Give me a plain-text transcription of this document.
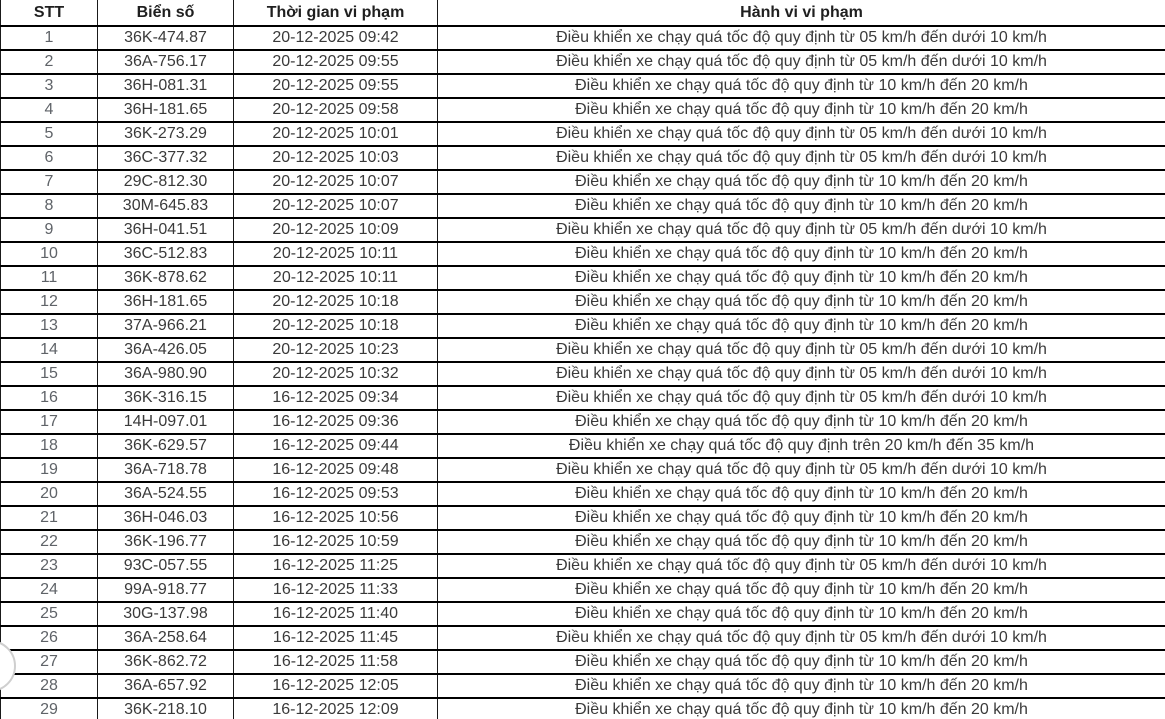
STT	Biển số	Thời gian vi phạm	Hành vi vi phạm
1	36K-474.87	20-12-2025 09:42	Điều khiển xe chạy quá tốc độ quy định từ 05 km/h đến dưới 10 km/h
2	36A-756.17	20-12-2025 09:55	Điều khiển xe chạy quá tốc độ quy định từ 05 km/h đến dưới 10 km/h
3	36H-081.31	20-12-2025 09:55	Điều khiển xe chạy quá tốc độ quy định từ 10 km/h đến 20 km/h
4	36H-181.65	20-12-2025 09:58	Điều khiển xe chạy quá tốc độ quy định từ 10 km/h đến 20 km/h
5	36K-273.29	20-12-2025 10:01	Điều khiển xe chạy quá tốc độ quy định từ 05 km/h đến dưới 10 km/h
6	36C-377.32	20-12-2025 10:03	Điều khiển xe chạy quá tốc độ quy định từ 05 km/h đến dưới 10 km/h
7	29C-812.30	20-12-2025 10:07	Điều khiển xe chạy quá tốc độ quy định từ 10 km/h đến 20 km/h
8	30M-645.83	20-12-2025 10:07	Điều khiển xe chạy quá tốc độ quy định từ 10 km/h đến 20 km/h
9	36H-041.51	20-12-2025 10:09	Điều khiển xe chạy quá tốc độ quy định từ 05 km/h đến dưới 10 km/h
10	36C-512.83	20-12-2025 10:11	Điều khiển xe chạy quá tốc độ quy định từ 10 km/h đến 20 km/h
11	36K-878.62	20-12-2025 10:11	Điều khiển xe chạy quá tốc độ quy định từ 10 km/h đến 20 km/h
12	36H-181.65	20-12-2025 10:18	Điều khiển xe chạy quá tốc độ quy định từ 10 km/h đến 20 km/h
13	37A-966.21	20-12-2025 10:18	Điều khiển xe chạy quá tốc độ quy định từ 10 km/h đến 20 km/h
14	36A-426.05	20-12-2025 10:23	Điều khiển xe chạy quá tốc độ quy định từ 05 km/h đến dưới 10 km/h
15	36A-980.90	20-12-2025 10:32	Điều khiển xe chạy quá tốc độ quy định từ 05 km/h đến dưới 10 km/h
16	36K-316.15	16-12-2025 09:34	Điều khiển xe chạy quá tốc độ quy định từ 05 km/h đến dưới 10 km/h
17	14H-097.01	16-12-2025 09:36	Điều khiển xe chạy quá tốc độ quy định từ 10 km/h đến 20 km/h
18	36K-629.57	16-12-2025 09:44	Điều khiển xe chạy quá tốc độ quy định trên 20 km/h đến 35 km/h
19	36A-718.78	16-12-2025 09:48	Điều khiển xe chạy quá tốc độ quy định từ 05 km/h đến dưới 10 km/h
20	36A-524.55	16-12-2025 09:53	Điều khiển xe chạy quá tốc độ quy định từ 10 km/h đến 20 km/h
21	36H-046.03	16-12-2025 10:56	Điều khiển xe chạy quá tốc độ quy định từ 10 km/h đến 20 km/h
22	36K-196.77	16-12-2025 10:59	Điều khiển xe chạy quá tốc độ quy định từ 10 km/h đến 20 km/h
23	93C-057.55	16-12-2025 11:25	Điều khiển xe chạy quá tốc độ quy định từ 05 km/h đến dưới 10 km/h
24	99A-918.77	16-12-2025 11:33	Điều khiển xe chạy quá tốc độ quy định từ 10 km/h đến 20 km/h
25	30G-137.98	16-12-2025 11:40	Điều khiển xe chạy quá tốc độ quy định từ 10 km/h đến 20 km/h
26	36A-258.64	16-12-2025 11:45	Điều khiển xe chạy quá tốc độ quy định từ 05 km/h đến dưới 10 km/h
27	36K-862.72	16-12-2025 11:58	Điều khiển xe chạy quá tốc độ quy định từ 10 km/h đến 20 km/h
28	36A-657.92	16-12-2025 12:05	Điều khiển xe chạy quá tốc độ quy định từ 10 km/h đến 20 km/h
29	36K-218.10	16-12-2025 12:09	Điều khiển xe chạy quá tốc độ quy định từ 10 km/h đến 20 km/h
